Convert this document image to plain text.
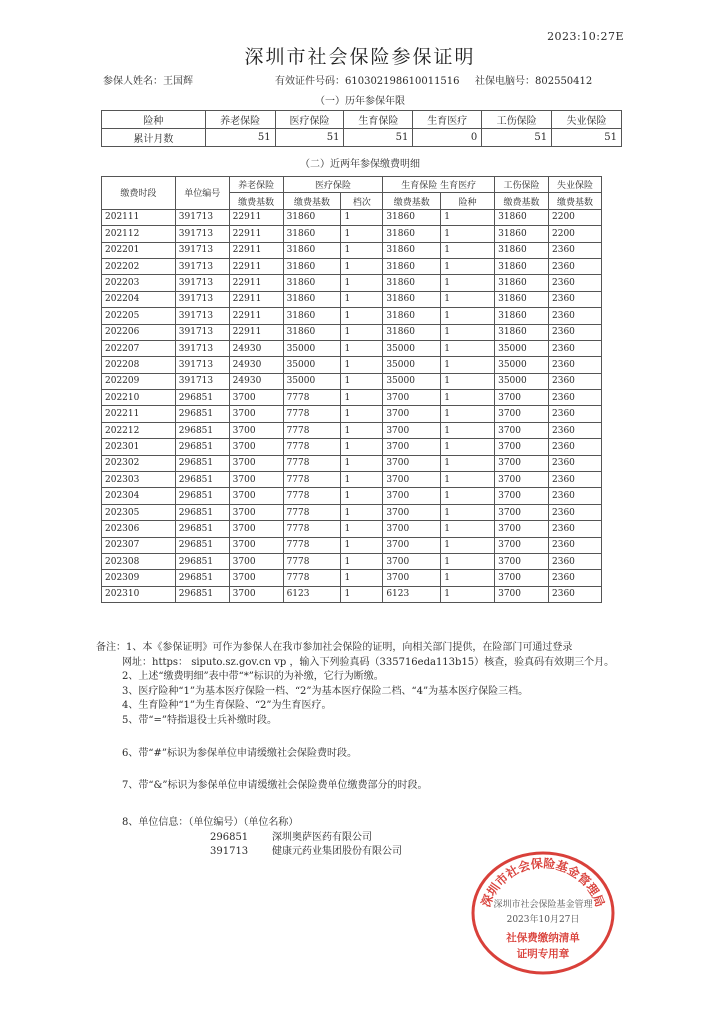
2023:10:27E
深圳市社会保险参保证明
参保人姓名：王国辉	有效证件号码：610302198610011516 社保电脑号：802550412
（一）历年参保年限
险种	养老保险	医疗保险	生育保险	生育医疗	工伤保险	失业保险
累计月数	51	51	51	0	51	51
（二）近两年参保缴费明细
缴费时段	单位编号	养老保险	医疗保险		生育保险 生育医疗		工伤保险	失业保险
		缴费基数	缴费基数	档次	缴费基数	险种	缴费基数	缴费基数
202111	391713	22911	31860	1	31860	1	31860	2200
202112	391713	22911	31860	1	31860	1	31860	2200
202201	391713	22911	31860	1	31860	1	31860	2360
202202	391713	22911	31860	1	31860	1	31860	2360
202203	391713	22911	31860	1	31860	1	31860	2360
202204	391713	22911	31860	1	31860	1	31860	2360
202205	391713	22911	31860	1	31860	1	31860	2360
202206	391713	22911	31860	1	31860	1	31860	2360
202207	391713	24930	35000	1	35000	1	35000	2360
202208	391713	24930	35000	1	35000	1	35000	2360
202209	391713	24930	35000	1	35000	1	35000	2360
202210	296851	3700	7778	1	3700	1	3700	2360
202211	296851	3700	7778	1	3700	1	3700	2360
202212	296851	3700	7778	1	3700	1	3700	2360
202301	296851	3700	7778	1	3700	1	3700	2360
202302	296851	3700	7778	1	3700	1	3700	2360
202303	296851	3700	7778	1	3700	1	3700	2360
202304	296851	3700	7778	1	3700	1	3700	2360
202305	296851	3700	7778	1	3700	1	3700	2360
202306	296851	3700	7778	1	3700	1	3700	2360
202307	296851	3700	7778	1	3700	1	3700	2360
202308	296851	3700	7778	1	3700	1	3700	2360
202309	296851	3700	7778	1	3700	1	3700	2360
202310	296851	3700	6123	1	6123	1	3700	2360
备注：1、本《参保证明》可作为参保人在我市参加社会保险的证明，向相关部门提供，在险部门可通过登录
网址：https： siputo.sz.gov.cn vp ，输入下列验真码（335716eda113b15）核查，验真码有效期三个月。
2、上述“缴费明细”表中带“*”标识的为补缴，它行为断缴。
3、医疗险种“1”为基本医疗保险一档、“2”为基本医疗保险二档、“4”为基本医疗保险三档。
4、生育险种“1”为生育保险、“2”为生育医疗。
5、带“=”特指退役士兵补缴时段。
6、带“#”标识为参保单位申请缓缴社会保险费时段。
7、带“&”标识为参保单位申请缓缴社会保险费单位缴费部分的时段。
8、单位信息：（单位编号）（单位名称）
296851 深圳奥萨医药有限公司
391713 健康元药业集团股份有限公司
深圳市社会保险基金管理局
深圳市社会保险基金管理
2023年10月27日
社保费缴纳清单
证明专用章
